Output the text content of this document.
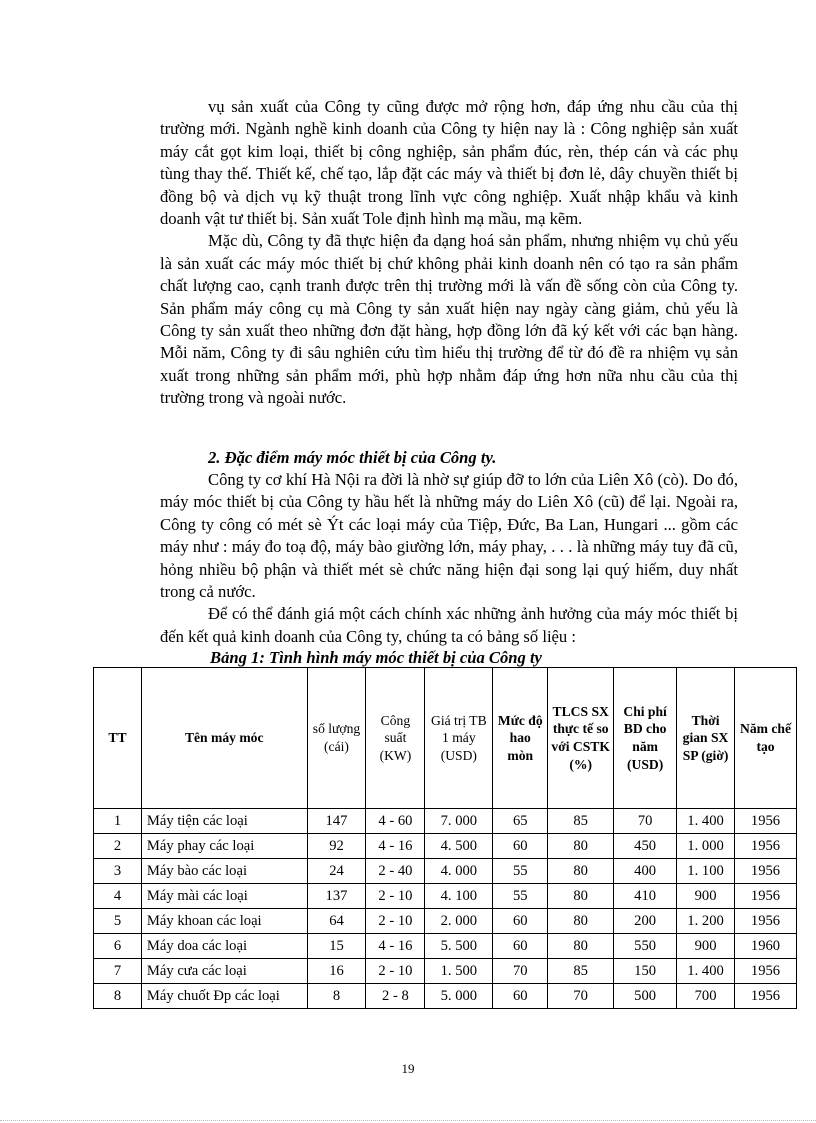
vụ sản xuất của Công ty cũng được mở rộng hơn, đáp ứng nhu cầu của thị trường mới. Ngành nghề kinh doanh của Công ty hiện nay là : Công nghiệp sản xuất máy cắt gọt kim loại, thiết bị công nghiệp, sản phẩm đúc, rèn, thép cán và các phụ tùng thay thế. Thiết kế, chế tạo, lắp đặt các máy và thiết bị đơn lẻ, dây chuyền thiết bị đồng bộ và dịch vụ kỹ thuật trong lĩnh vực công nghiệp. Xuất nhập khẩu và kinh doanh vật tư thiết bị. Sản xuất Tole định hình mạ mầu, mạ kẽm.

Mặc dù, Công ty đã thực hiện đa dạng hoá sản phẩm, nhưng nhiệm vụ chủ yếu là sản xuất các máy móc thiết bị chứ không phải kinh doanh nên có tạo ra sản phẩm chất lượng cao, cạnh tranh được trên thị trường mới là vấn đề sống còn của Công ty. Sản phẩm máy công cụ mà Công ty sản xuất hiện nay ngày càng giảm, chủ yếu là Công ty sản xuất theo những đơn đặt hàng, hợp đồng lớn đã ký kết với các bạn hàng. Mỗi năm, Công ty đi sâu nghiên cứu tìm hiểu thị trường để từ đó đề ra nhiệm vụ sản xuất trong những sản phẩm mới, phù hợp nhằm đáp ứng hơn nữa nhu cầu của thị trường trong và ngoài nước.

2. Đặc điểm máy móc thiết bị của Công ty.

Công ty cơ khí Hà Nội ra đời là nhờ sự giúp đỡ to lớn của Liên Xô (cò). Do đó, máy móc thiết bị của Công ty hầu hết là những máy do Liên Xô (cũ) để lại. Ngoài ra, Công ty công có mét sè Ýt các loại máy của Tiệp, Đức, Ba Lan, Hungari ... gồm các máy như : máy đo toạ độ, máy bào giường lớn, máy phay, . . . là những máy tuy đã cũ, hỏng nhiều bộ phận và thiết mét sè chức năng hiện đại song lại quý hiếm, duy nhất trong cả nước.

Để có thể đánh giá một cách chính xác những ảnh hưởng của máy móc thiết bị đến kết quả kinh doanh của Công ty, chúng ta có bảng số liệu :

Bảng 1: Tình hình máy móc thiết bị của Công ty
TT	Tên máy móc	số lượng (cái)	Công suất (KW)	Giá trị TB 1 máy (USD)	Mức độ hao mòn	TLCS SX thực tế so với CSTK (%)	Chi phí BD cho năm (USD)	Thời gian SX SP (giờ)	Năm chế tạo
1	Máy tiện các loại	147	4 - 60	7. 000	65	85	70	1. 400	1956
2	Máy phay các loại	92	4 - 16	4. 500	60	80	450	1. 000	1956
3	Máy bào các loại	24	2 - 40	4. 000	55	80	400	1. 100	1956
4	Máy mài các loại	137	2 - 10	4. 100	55	80	410	900	1956
5	Máy khoan các loại	64	2 - 10	2. 000	60	80	200	1. 200	1956
6	Máy doa các loại	15	4 - 16	5. 500	60	80	550	900	1960
7	Máy cưa các loại	16	2 - 10	1. 500	70	85	150	1. 400	1956
8	Máy chuốt Ðp các loại	8	2 - 8	5. 000	60	70	500	700	1956
19
